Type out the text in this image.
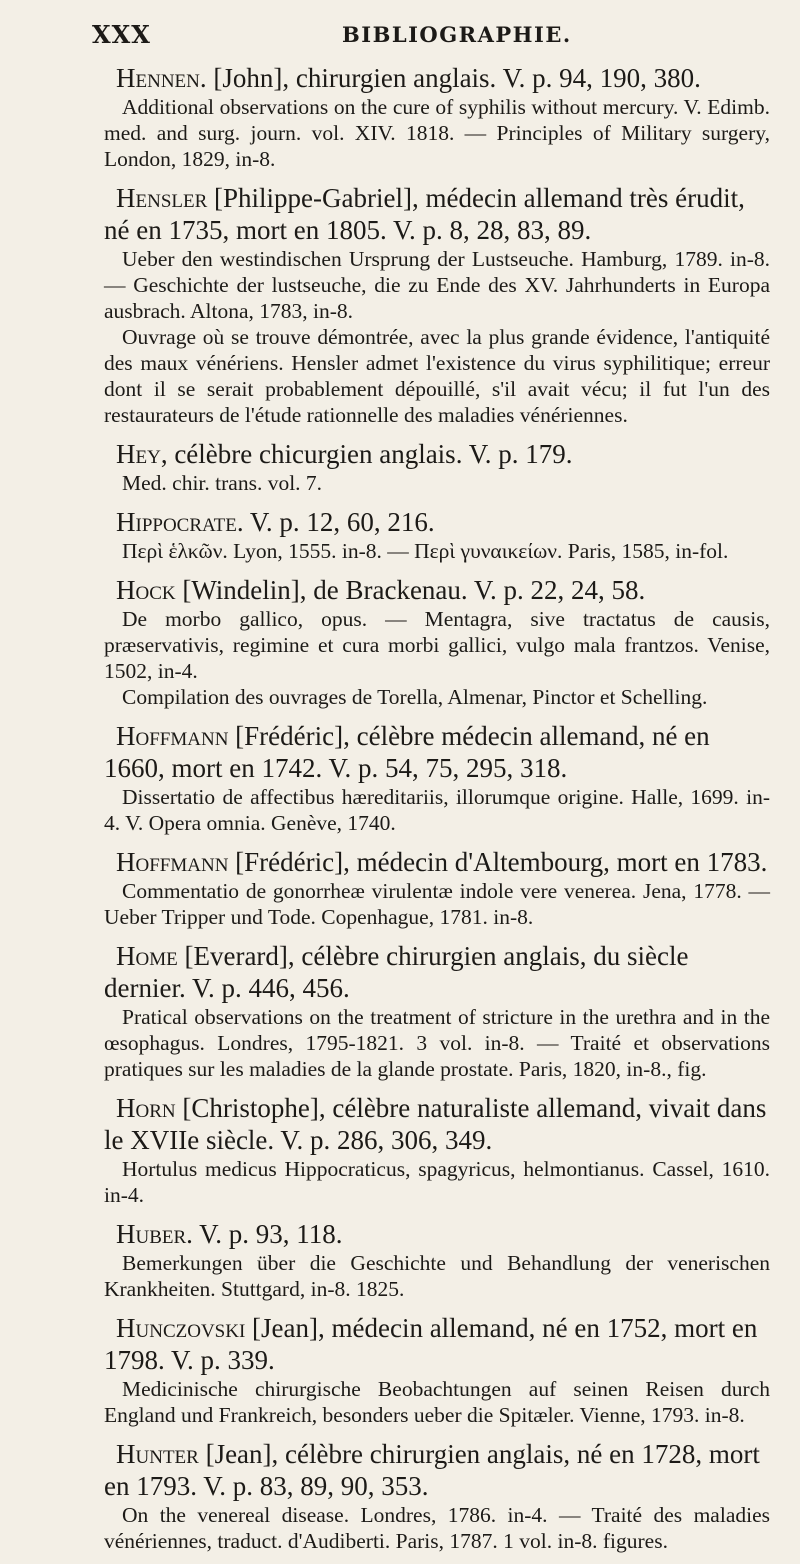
XXX	BIBLIOGRAPHIE.

Hennen. [John], chirurgien anglais. V. p. 94, 190, 380.

Additional observations on the cure of syphilis without mercury. V. Edimb. med. and surg. journ. vol. XIV. 1818. — Principles of Military surgery, London, 1829, in-8.

Hensler [Philippe-Gabriel], médecin allemand très érudit, né en 1735, mort en 1805. V. p. 8, 28, 83, 89.

Ueber den westindischen Ursprung der Lustseuche. Hamburg, 1789. in-8. — Geschichte der lustseuche, die zu Ende des XV. Jahrhunderts in Europa ausbrach. Altona, 1783, in-8.

Ouvrage où se trouve démontrée, avec la plus grande évidence, l'antiquité des maux vénériens. Hensler admet l'existence du virus syphilitique; erreur dont il se serait probablement dépouillé, s'il avait vécu; il fut l'un des restaurateurs de l'étude rationnelle des maladies vénériennes.

Hey, célèbre chicurgien anglais. V. p. 179.

Med. chir. trans. vol. 7.

Hippocrate. V. p. 12, 60, 216.

Περὶ ἑλκῶν. Lyon, 1555. in-8. — Περὶ γυναικείων. Paris, 1585, in-fol.

Hock [Windelin], de Brackenau. V. p. 22, 24, 58.

De morbo gallico, opus. — Mentagra, sive tractatus de causis, præservativis, regimine et cura morbi gallici, vulgo mala frantzos. Venise, 1502, in-4.

Compilation des ouvrages de Torella, Almenar, Pinctor et Schelling.

Hoffmann [Frédéric], célèbre médecin allemand, né en 1660, mort en 1742. V. p. 54, 75, 295, 318.

Dissertatio de affectibus hæreditariis, illorumque origine. Halle, 1699. in-4. V. Opera omnia. Genève, 1740.

Hoffmann [Frédéric], médecin d'Altembourg, mort en 1783.

Commentatio de gonorrheæ virulentæ indole vere venerea. Jena, 1778. — Ueber Tripper und Tode. Copenhague, 1781. in-8.

Home [Everard], célèbre chirurgien anglais, du siècle dernier. V. p. 446, 456.

Pratical observations on the treatment of stricture in the urethra and in the œsophagus. Londres, 1795-1821. 3 vol. in-8. — Traité et observations pratiques sur les maladies de la glande prostate. Paris, 1820, in-8., fig.

Horn [Christophe], célèbre naturaliste allemand, vivait dans le XVIIe siècle. V. p. 286, 306, 349.

Hortulus medicus Hippocraticus, spagyricus, helmontianus. Cassel, 1610. in-4.

Huber. V. p. 93, 118.

Bemerkungen über die Geschichte und Behandlung der venerischen Krankheiten. Stuttgard, in-8. 1825.

Hunczovski [Jean], médecin allemand, né en 1752, mort en 1798. V. p. 339.

Medicinische chirurgische Beobachtungen auf seinen Reisen durch England und Frankreich, besonders ueber die Spitæler. Vienne, 1793. in-8.

Hunter [Jean], célèbre chirurgien anglais, né en 1728, mort en 1793. V. p. 83, 89, 90, 353.

On the venereal disease. Londres, 1786. in-4. — Traité des maladies vénériennes, traduct. d'Audiberti. Paris, 1787. 1 vol. in-8. figures.
